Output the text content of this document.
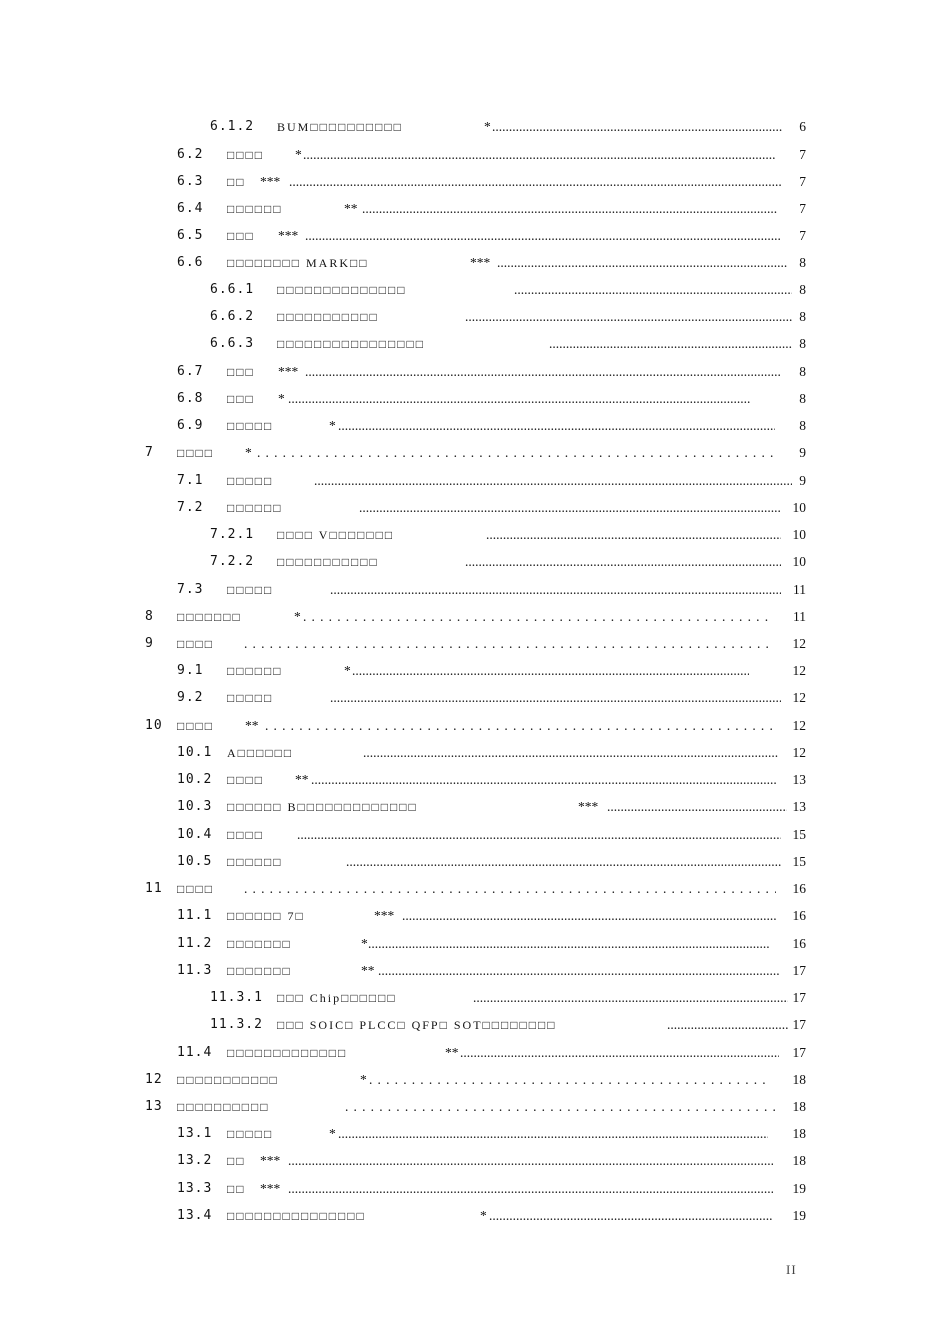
6.1.2 BUM□□□□□□□□□□	* .....	6
6.2 □□□□ * .....	7
6.3 □□ *** .....	7
6.4 □□□□□□	** .....	7
6.5 □□□ *** .....	7
6.6 □□□□□□□□ MARK□□	*** .....	8
6.6.1 □□□□□□□□□□□□□□ .....	8
6.6.2 □□□□□□□□□□□ .....	8
6.6.3 □□□□□□□□□□□□□□□□ .....	8
6.7 □□□ *** .....	8
6.8 □□□ * .....	8
6.9 □□□□□	* .....	8
7 □□□□ * . . .	9
7.1 □□□□□ .....	9
7.2 □□□□□□ .....	10
7.2.1 □□□□ V□□□□□□□ .....	10
7.2.2 □□□□□□□□□□□ .....	10
7.3 □□□□□ .....	11
8 □□□□□□□	* . . .	11
9 □□□□ . . .	12
9.1 □□□□□□	* .....	12
9.2 □□□□□ .....	12
10 □□□□ ** . . .	12
10.1 A□□□□□□ .....	12
10.2 □□□□ ** .....	13
10.3 □□□□□□ B□□□□□□□□□□□□□	*** .....	13
10.4 □□□□ .....	15
10.5 □□□□□□ .....	15
11 □□□□ . . .	16
11.1 □□□□□□ 7□	*** .....	16
11.2 □□□□□□□	* .....	16
11.3 □□□□□□□	** .....	17
11.3.1 □□□ Chip□□□□□□ .....	17
11.3.2 □□□ SOIC□ PLCC□ QFP□ SOT□□□□□□□□ .....	17
11.4 □□□□□□□□□□□□□	** .....	17
12 □□□□□□□□□□□	* . . .	18
13 □□□□□□□□□□ . . .	18
13.1 □□□□□	* .....	18
13.2 □□ *** .....	18
13.3 □□ *** .....	19
13.4 □□□□□□□□□□□□□□□	* .....	19
II
